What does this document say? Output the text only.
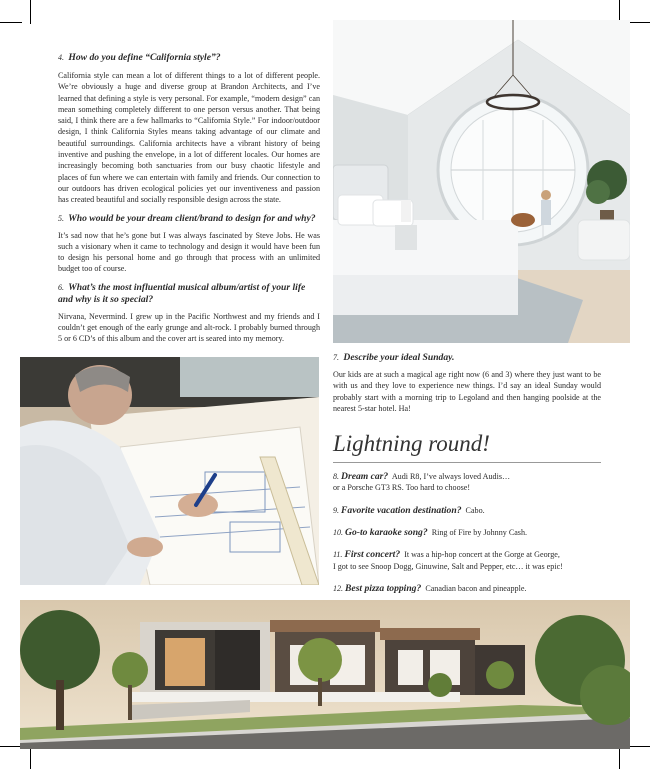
4. How do you define “California style”?

California style can mean a lot of different things to a lot of different people. We’re obviously a huge and diverse group at Brandon Architects, and I’ve learned that defining a style is very personal. For example, “modern design” can mean something completely different to one person versus another. That being said, I think there are a few hallmarks to “California Style.” For indoor/outdoor design, I think California Styles means taking advantage of our climate and beautiful surroundings. California architects have a vibrant history of being inventive and pushing the envelope, in a lot of different locales. Our homes are increasingly becoming both sanctuaries from our busy chaotic lifestyle and places of fun where we can entertain with family and friends. Our connection to our outdoors has driven ecological policies yet our inventiveness and passion has created beautiful and socially responsible design across the state.

5. Who would be your dream client/brand to design for and why?

It’s sad now that he’s gone but I was always fascinated by Steve Jobs. He was such a visionary when it came to technology and design it would have been fun to design his personal home and go through that process with an unlimited budget too of course.

6. What’s the most influential musical album/artist of your life and why is it so special?

Nirvana, Nevermind. I grew up in the Pacific Northwest and my friends and I couldn’t get enough of the early grunge and alt-rock. I probably burned through 5 or 6 CD’s of this album and the cover art is seared into my memory.

7. Describe your ideal Sunday.

Our kids are at such a magical age right now (6 and 3) where they just want to be with us and they love to experience new things. I’d say an ideal Sunday would probably start with a morning trip to Legoland and then hanging poolside at the nearest 5-star hotel. Ha!

Lightning round!

8. Dream car? Audi R8, I’ve always loved Audis…
or a Porsche GT3 RS. Too hard to choose!

9. Favorite vacation destination? Cabo.

10. Go-to karaoke song? Ring of Fire by Johnny Cash.

11. First concert? It was a hip-hop concert at the Gorge at George,
I got to see Snoop Dogg, Ginuwine, Salt and Pepper, etc… it was epic!

12. Best pizza topping? Canadian bacon and pineapple.
